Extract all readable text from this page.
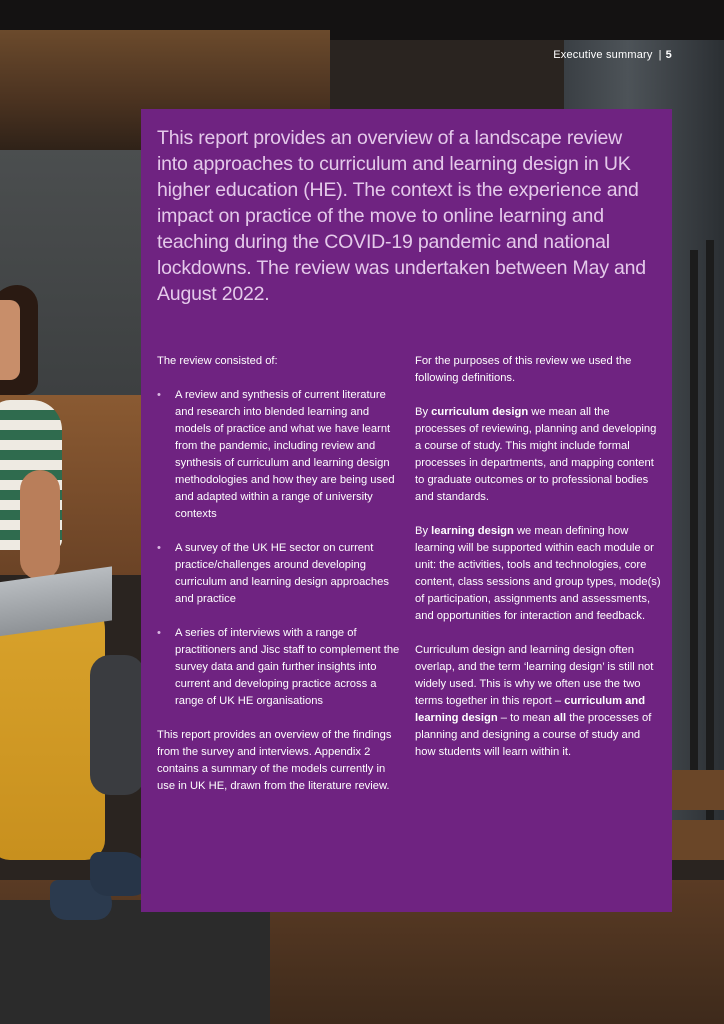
Executive summary | 5
This report provides an overview of a landscape review into approaches to curriculum and learning design in UK higher education (HE). The context is the experience and impact on practice of the move to online learning and teaching during the COVID-19 pandemic and national lockdowns. The review was undertaken between May and August 2022.

The review consisted of:

• A review and synthesis of current literature and research into blended learning and models of practice and what we have learnt from the pandemic, including review and synthesis of curriculum and learning design methodologies and how they are being used and adapted within a range of university contexts
• A survey of the UK HE sector on current practice/challenges around developing curriculum and learning design approaches and practice
• A series of interviews with a range of practitioners and Jisc staff to complement the survey data and gain further insights into current and developing practice across a range of UK HE organisations

This report provides an overview of the findings from the survey and interviews. Appendix 2 contains a summary of the models currently in use in UK HE, drawn from the literature review.

For the purposes of this review we used the following definitions.

By curriculum design we mean all the processes of reviewing, planning and developing a course of study. This might include formal processes in departments, and mapping content to graduate outcomes or to professional bodies and standards.

By learning design we mean defining how learning will be supported within each module or unit: the activities, tools and technologies, core content, class sessions and group types, mode(s) of participation, assignments and assessments, and opportunities for interaction and feedback.

Curriculum design and learning design often overlap, and the term ‘learning design’ is still not widely used. This is why we often use the two terms together in this report – curriculum and learning design – to mean all the processes of planning and designing a course of study and how students will learn within it.
